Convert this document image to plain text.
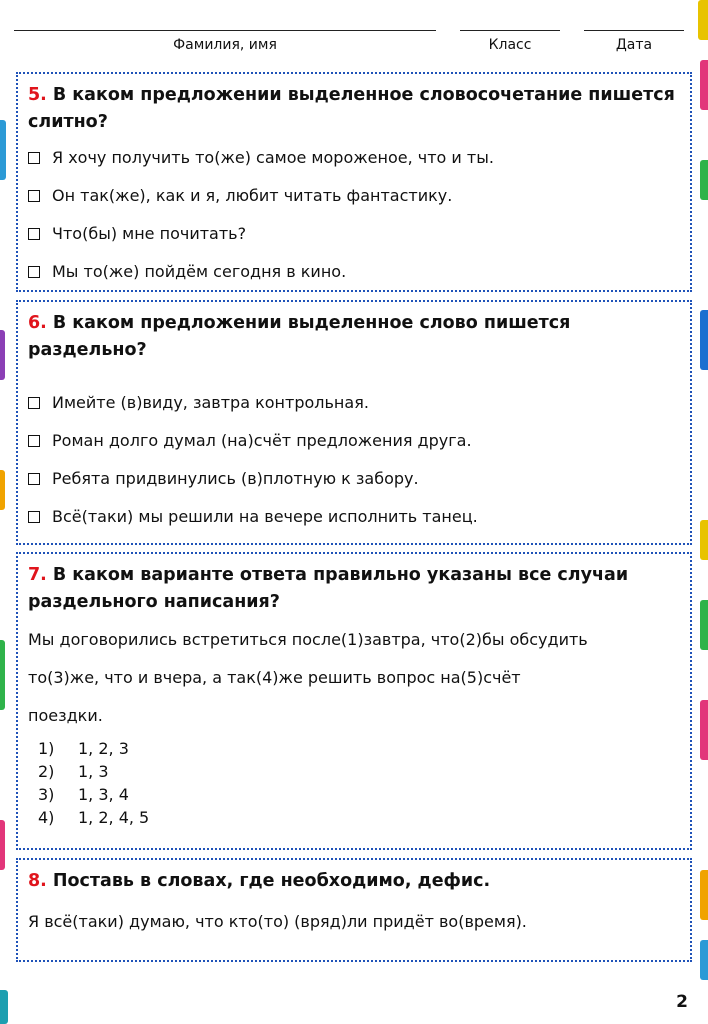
Фамилия, имя	Класс	Дата
5. В каком предложении выделенное словосочетание пишется слитно?
Я хочу получить то(же) самое мороженое, что и ты.
Он так(же), как и я, любит читать фантастику.
Что(бы) мне почитать?
Мы то(же) пойдём сегодня в кино.
6. В каком предложении выделенное слово пишется раздельно?
Имейте (в)виду, завтра контрольная.
Роман долго думал (на)счёт предложения друга.
Ребята придвинулись (в)плотную к забору.
Всё(таки) мы решили на вечере исполнить танец.
7. В каком варианте ответа правильно указаны все случаи раздельного написания?
Мы договорились встретиться после(1)завтра, что(2)бы обсудить
то(3)же, что и вчера, а так(4)же решить вопрос на(5)счёт
поездки.
1) 1, 2, 3
2) 1, 3
3) 1, 3, 4
4) 1, 2, 4, 5
8. Поставь в словах, где необходимо, дефис.
Я всё(таки) думаю, что кто(то) (вряд)ли придёт во(время).
2
